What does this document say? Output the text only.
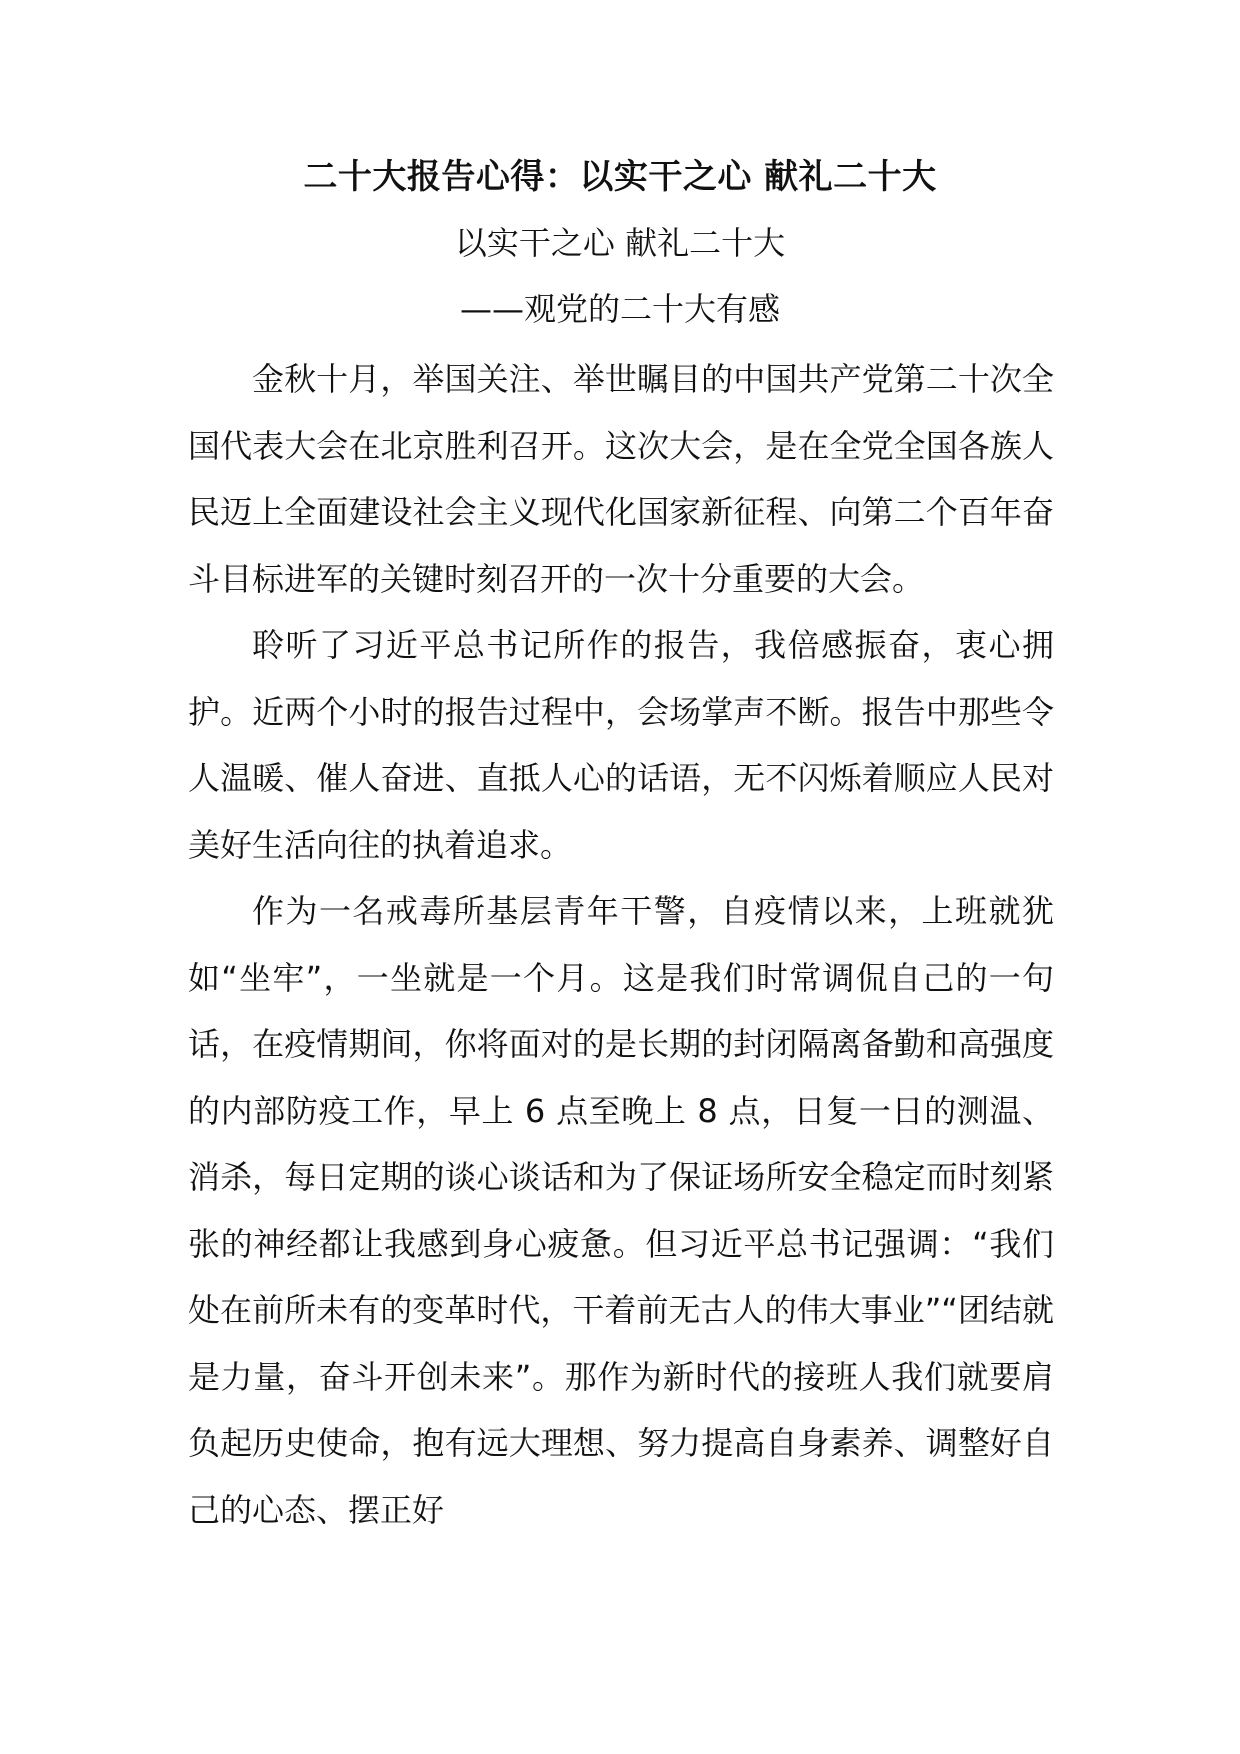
二十大报告心得：以实干之心 献礼二十大
以实干之心 献礼二十大
——观党的二十大有感

金秋十月，举国关注、举世瞩目的中国共产党第二十次全国代表大会在北京胜利召开。这次大会，是在全党全国各族人民迈上全面建设社会主义现代化国家新征程、向第二个百年奋斗目标进军的关键时刻召开的一次十分重要的大会。

聆听了习近平总书记所作的报告，我倍感振奋，衷心拥护。近两个小时的报告过程中，会场掌声不断。报告中那些令人温暖、催人奋进、直抵人心的话语，无不闪烁着顺应人民对美好生活向往的执着追求。

作为一名戒毒所基层青年干警，自疫情以来，上班就犹如“坐牢”，一坐就是一个月。这是我们时常调侃自己的一句话，在疫情期间，你将面对的是长期的封闭隔离备勤和高强度的内部防疫工作，早上 6 点至晚上 8 点，日复一日的测温、消杀，每日定期的谈心谈话和为了保证场所安全稳定而时刻紧张的神经都让我感到身心疲惫。但习近平总书记强调：“我们处在前所未有的变革时代，干着前无古人的伟大事业”“团结就是力量，奋斗开创未来”。那作为新时代的接班人我们就要肩负起历史使命，抱有远大理想、努力提高自身素养、调整好自己的心态、摆正好
